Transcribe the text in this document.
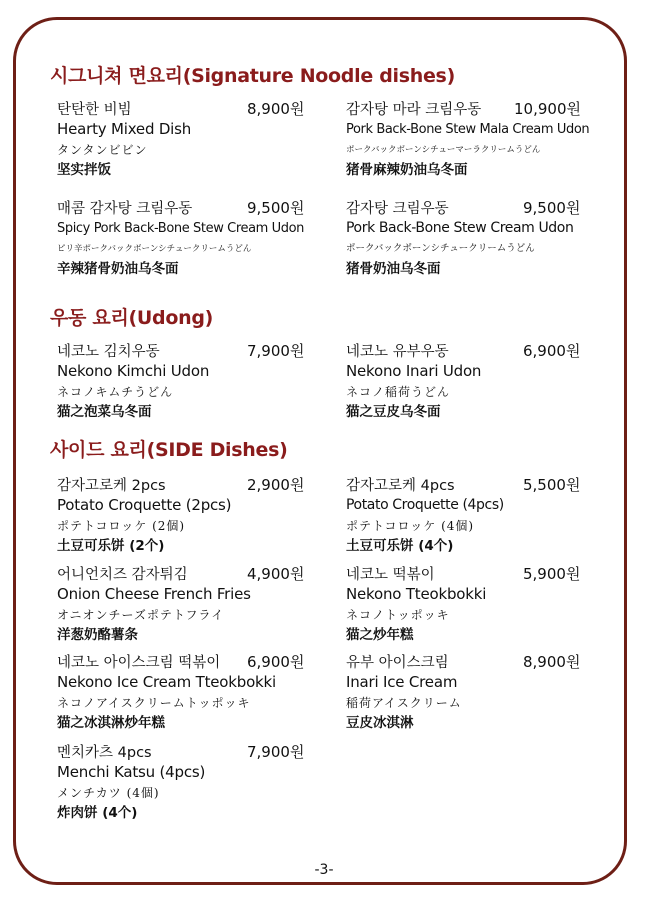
시그니쳐 면요리(Signature Noodle dishes)
탄탄한 비빔	8,900원
Hearty Mixed Dish
タンタンビビン
坚实拌饭
감자탕 마라 크림우동 10,900원
Pork Back-Bone Stew Mala Cream Udon
ポークバックボーンシチューマーラクリームうどん
猪骨麻辣奶油乌冬面
매콤 감자탕 크림우동	9,500원
Spicy Pork Back-Bone Stew Cream Udon
ピリ辛ポークバックボーンシチュークリームうどん
辛辣猪骨奶油乌冬面
감자탕 크림우동	9,500원
Pork Back-Bone Stew Cream Udon
ポークバックボーンシチュークリームうどん
猪骨奶油乌冬面
우동 요리(Udong)
네코노 김치우동	7,900원
Nekono Kimchi Udon
ネコノキムチうどん
猫之泡菜乌冬面
네코노 유부우동	6,900원
Nekono Inari Udon
ネコノ稲荷うどん
猫之豆皮乌冬面
사이드 요리(SIDE Dishes)
감자고로케 2pcs	2,900원
Potato Croquette (2pcs)
ポテトコロッケ (2個)
土豆可乐饼 (2个)
감자고로케 4pcs	5,500원
Potato Croquette (4pcs)
ポテトコロッケ (4個)
土豆可乐饼 (4个)
어니언치즈 감자튀김	4,900원
Onion Cheese French Fries
オニオンチーズポテトフライ
洋葱奶酪薯条
네코노 떡볶이	5,900원
Nekono Tteokbokki
ネコノトッポッキ
猫之炒年糕
네코노 아이스크림 떡볶이 6,900원
Nekono Ice Cream Tteokbokki
ネコノアイスクリームトッポッキ
猫之冰淇淋炒年糕
유부 아이스크림	8,900원
Inari Ice Cream
稲荷アイスクリーム
豆皮冰淇淋
멘치카츠 4pcs	7,900원
Menchi Katsu (4pcs)
メンチカツ (4個)
炸肉饼 (4个)
-3-
